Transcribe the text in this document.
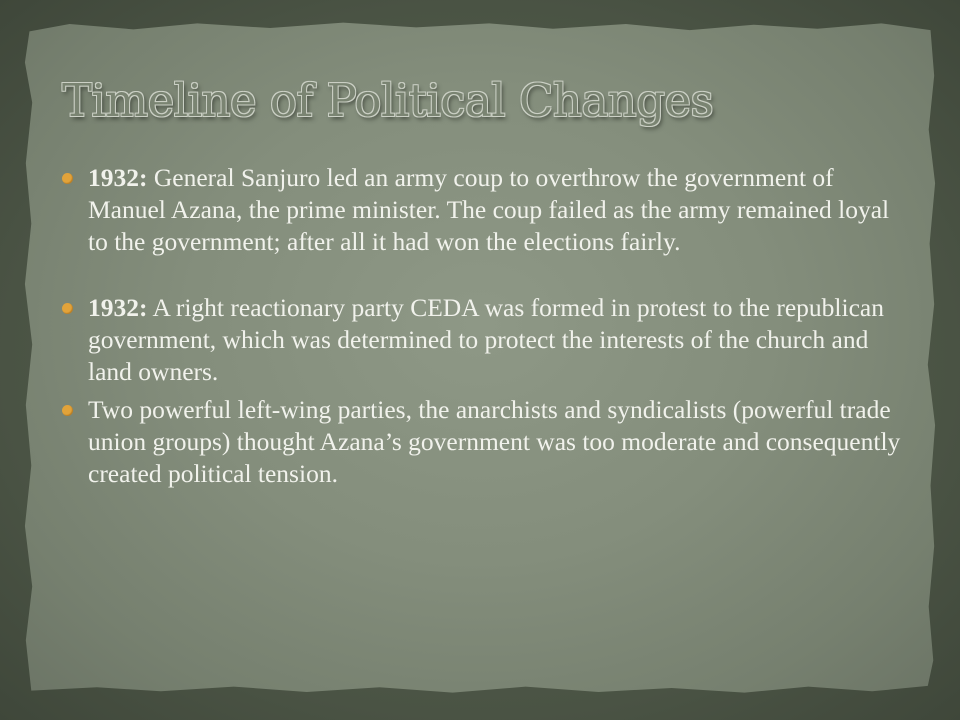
Timeline of Political Changes
1932: General Sanjuro led an army coup to overthrow the government of Manuel Azana, the prime minister. The coup failed as the army remained loyal to the government; after all it had won the elections fairly.
1932: A right reactionary party CEDA was formed in protest to the republican government, which was determined to protect the interests of the church and land owners.
Two powerful left-wing parties, the anarchists and syndicalists (powerful trade union groups) thought Azana’s government was too moderate and consequently created political tension.
